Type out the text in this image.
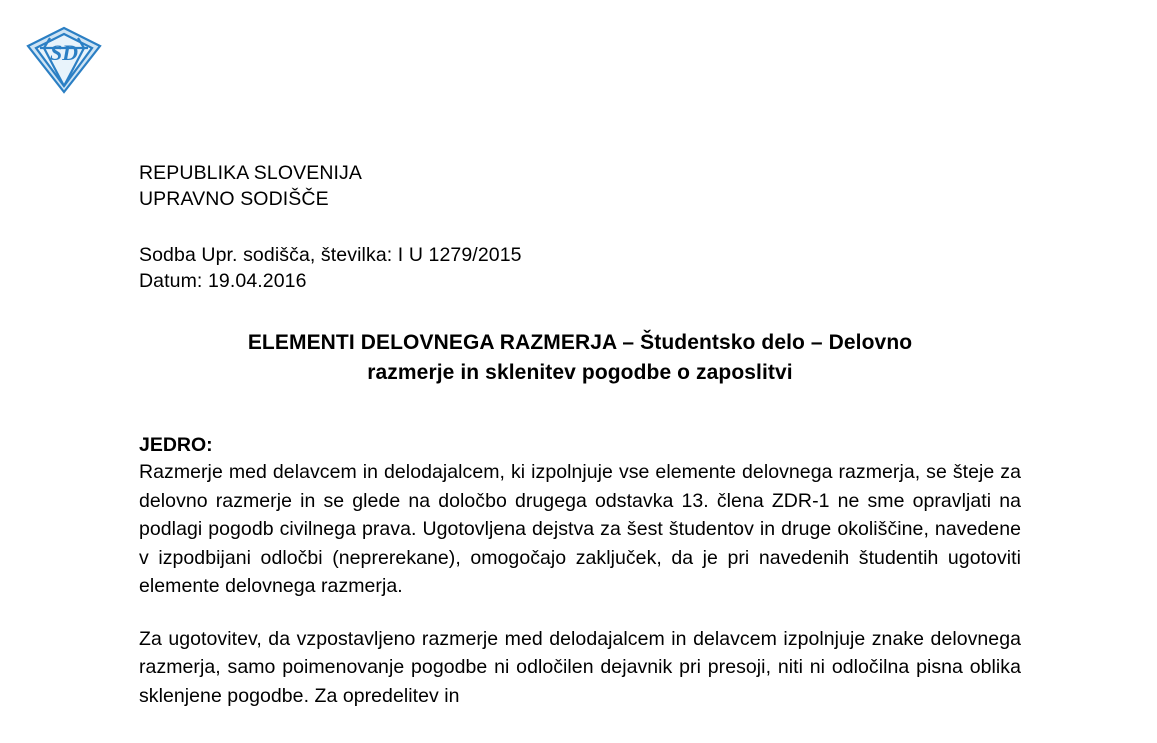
SD
REPUBLIKA SLOVENIJA
UPRAVNO SODIŠČE
Sodba Upr. sodišča, številka: I U 1279/2015
Datum: 19.04.2016
ELEMENTI DELOVNEGA RAZMERJA – Študentsko delo – Delovno
razmerje in sklenitev pogodbe o zaposlitvi
JEDRO:

Razmerje med delavcem in delodajalcem, ki izpolnjuje vse elemente delovnega razmerja, se šteje za delovno razmerje in se glede na določbo drugega odstavka 13. člena ZDR-1 ne sme opravljati na podlagi pogodb civilnega prava. Ugotovljena dejstva za šest študentov in druge okoliščine, navedene v izpodbijani odločbi (neprerekane), omogočajo zaključek, da je pri navedenih študentih ugotoviti elemente delovnega razmerja.

Za ugotovitev, da vzpostavljeno razmerje med delodajalcem in delavcem izpolnjuje znake delovnega razmerja, samo poimenovanje pogodbe ni odločilen dejavnik pri presoji, niti ni odločilna pisna oblika sklenjene pogodbe. Za opredelitev in
